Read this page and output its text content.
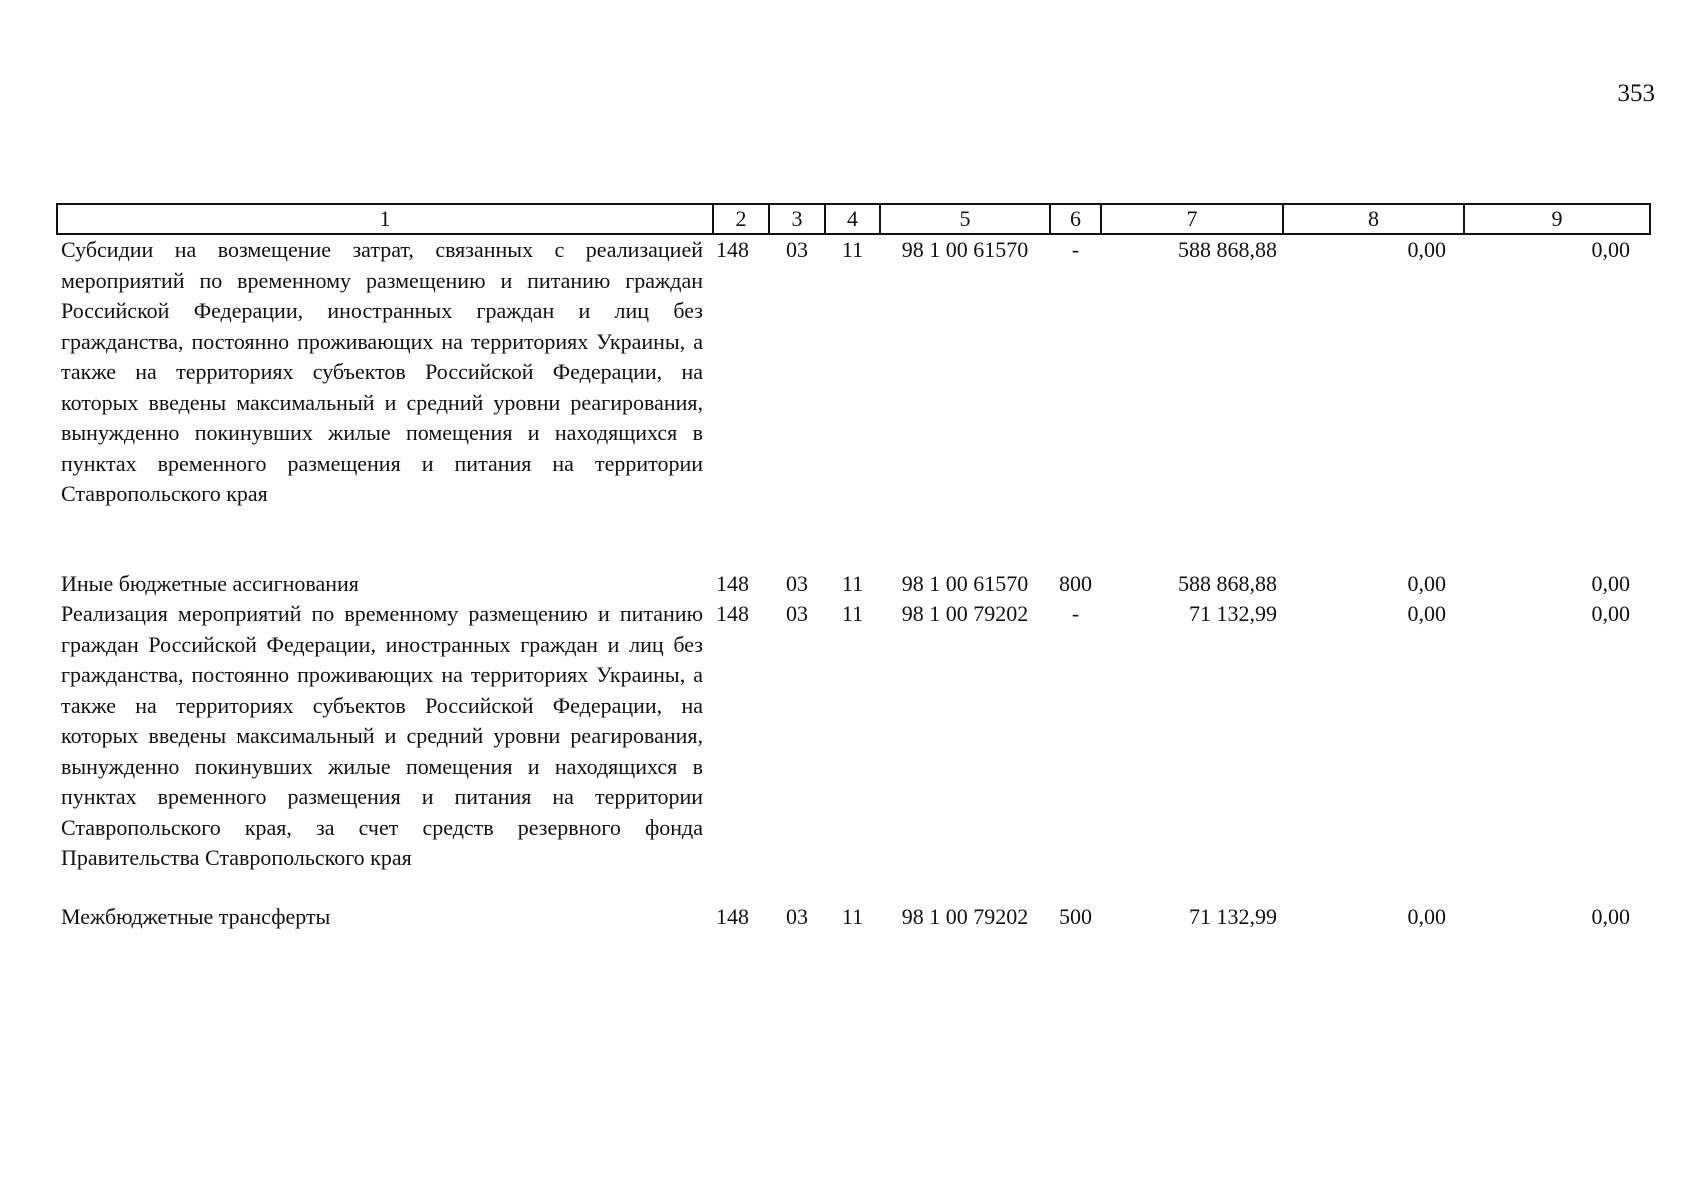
353
1	2	3	4	5	6	7	8	9
Субсидии на возмещение затрат, связанных с реализацией мероприятий по временному размещению и питанию граждан Российской Федерации, иностранных граждан и лиц без гражданства, постоянно проживающих на территориях Украины, а также на территориях субъектов Российской Федерации, на которых введены максимальный и средний уровни реагирования, вынужденно покинувших жилые помещения и находящихся в пунктах временного размещения и питания на территории Ставропольского края	148	03	11	98 1 00 61570	-	588 868,88	0,00	0,00
Иные бюджетные ассигнования	148	03	11	98 1 00 61570	800	588 868,88	0,00	0,00
Реализация мероприятий по временному размещению и питанию граждан Российской Федерации, иностранных граждан и лиц без гражданства, постоянно проживающих на территориях Украины, а также на территориях субъектов Российской Федерации, на которых введены максимальный и средний уровни реагирования, вынужденно покинувших жилые помещения и находящихся в пунктах временного размещения и питания на территории Ставропольского края, за счет средств резервного фонда Правительства Ставропольского края	148	03	11	98 1 00 79202	-	71 132,99	0,00	0,00
Межбюджетные трансферты	148	03	11	98 1 00 79202	500	71 132,99	0,00	0,00
